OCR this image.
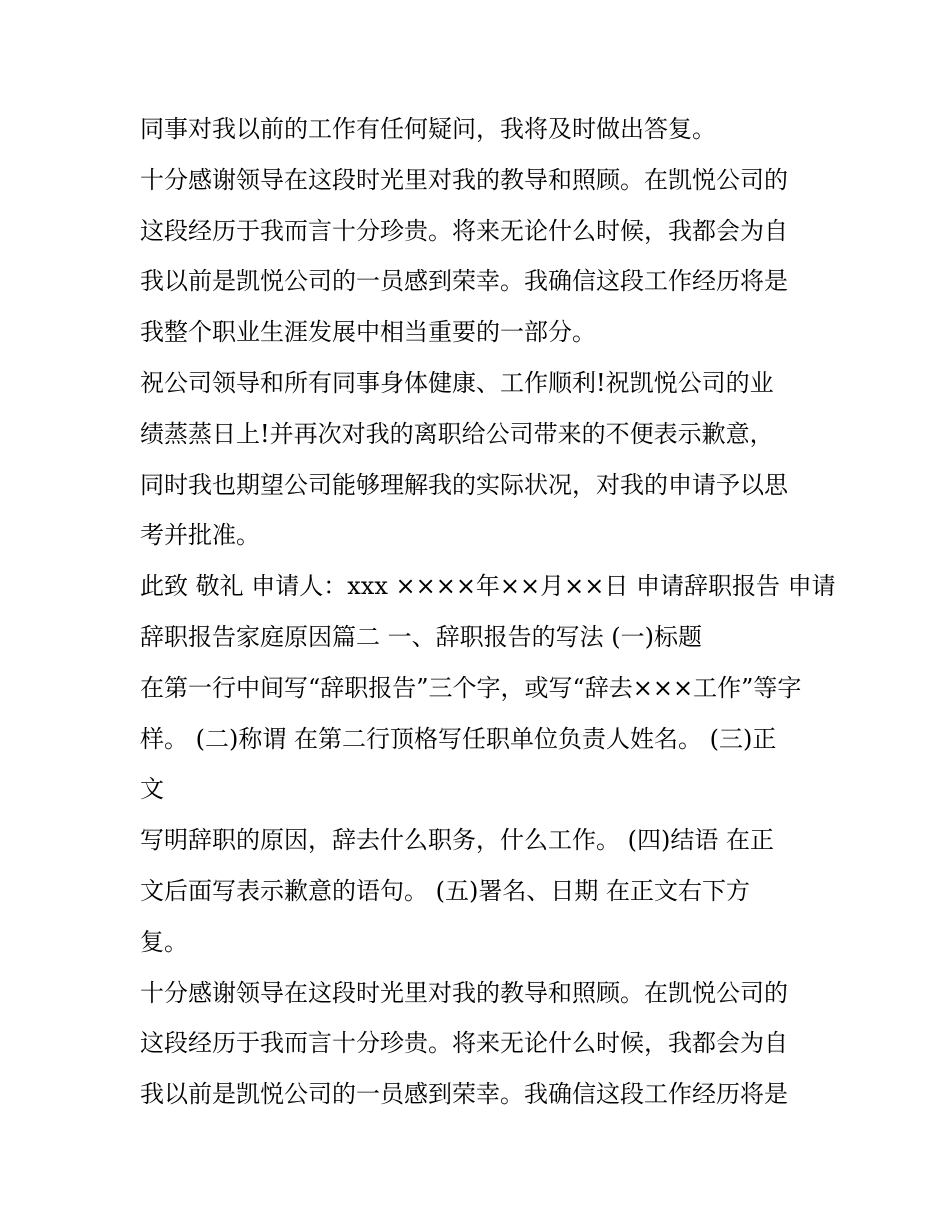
同事对我以前的工作有任何疑问，我将及时做出答复。
十分感谢领导在这段时光里对我的教导和照顾。在凯悦公司的
这段经历于我而言十分珍贵。将来无论什么时候，我都会为自
我以前是凯悦公司的一员感到荣幸。我确信这段工作经历将是
我整个职业生涯发展中相当重要的一部分。
祝公司领导和所有同事身体健康、工作顺利!祝凯悦公司的业
绩蒸蒸日上!并再次对我的离职给公司带来的不便表示歉意，
同时我也期望公司能够理解我的实际状况，对我的申请予以思
考并批准。
此致 敬礼 申请人：xxx ××××年××月××日 申请辞职报告 申请
辞职报告家庭原因篇二 一、辞职报告的写法 (一)标题
在第一行中间写“辞职报告”三个字，或写“辞去×××工作”等字
样。 (二)称谓 在第二行顶格写任职单位负责人姓名。 (三)正
文
写明辞职的原因，辞去什么职务，什么工作。 (四)结语 在正
文后面写表示歉意的语句。 (五)署名、日期 在正文右下方
复。
十分感谢领导在这段时光里对我的教导和照顾。在凯悦公司的
这段经历于我而言十分珍贵。将来无论什么时候，我都会为自
我以前是凯悦公司的一员感到荣幸。我确信这段工作经历将是
